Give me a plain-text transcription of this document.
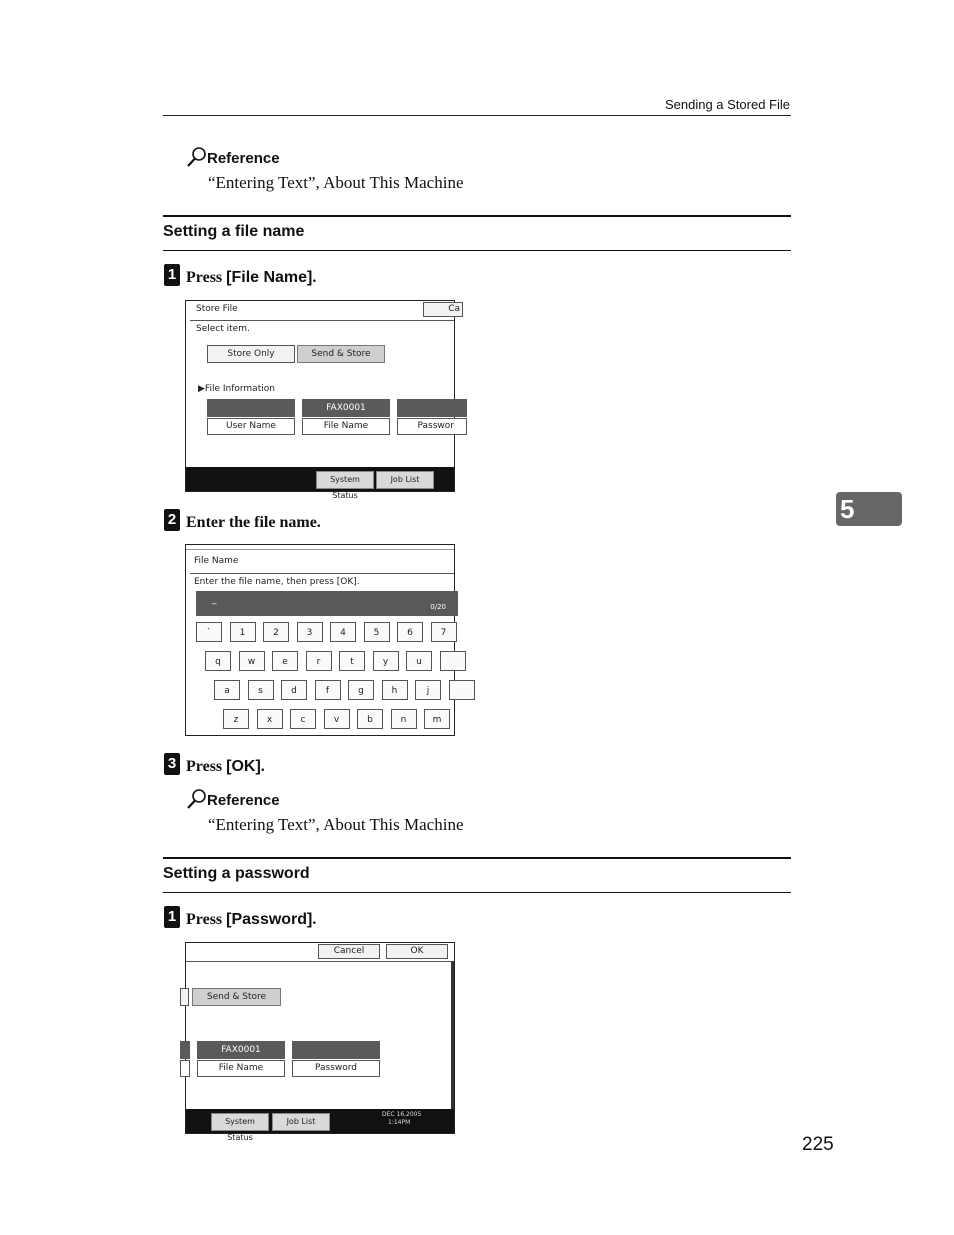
Sending a Stored File
Reference
“Entering Text”, About This Machine
Setting a file name
1 Press [File Name].
Store File	Ca
Select item.
Store Only	Send & Store
▶File Information
User Name
FAX0001
File Name	Passwor
System Status
Job List
2 Enter the file name.
File Name
Enter the file name, then press [OK].
_
0/20
`	1	2	3	4	5	6	7
q	w	e	r	t	y	u
a	s	d	f	g	h	j
z	x	c	v	b	n	m
3 Press [OK].
Reference
“Entering Text”, About This Machine
Setting a password
1 Press [Password].
Cancel	OK
Send & Store
FAX0001
File Name	Password
System Status
Job List
DEC 16,2005
1:14PM
5
225
